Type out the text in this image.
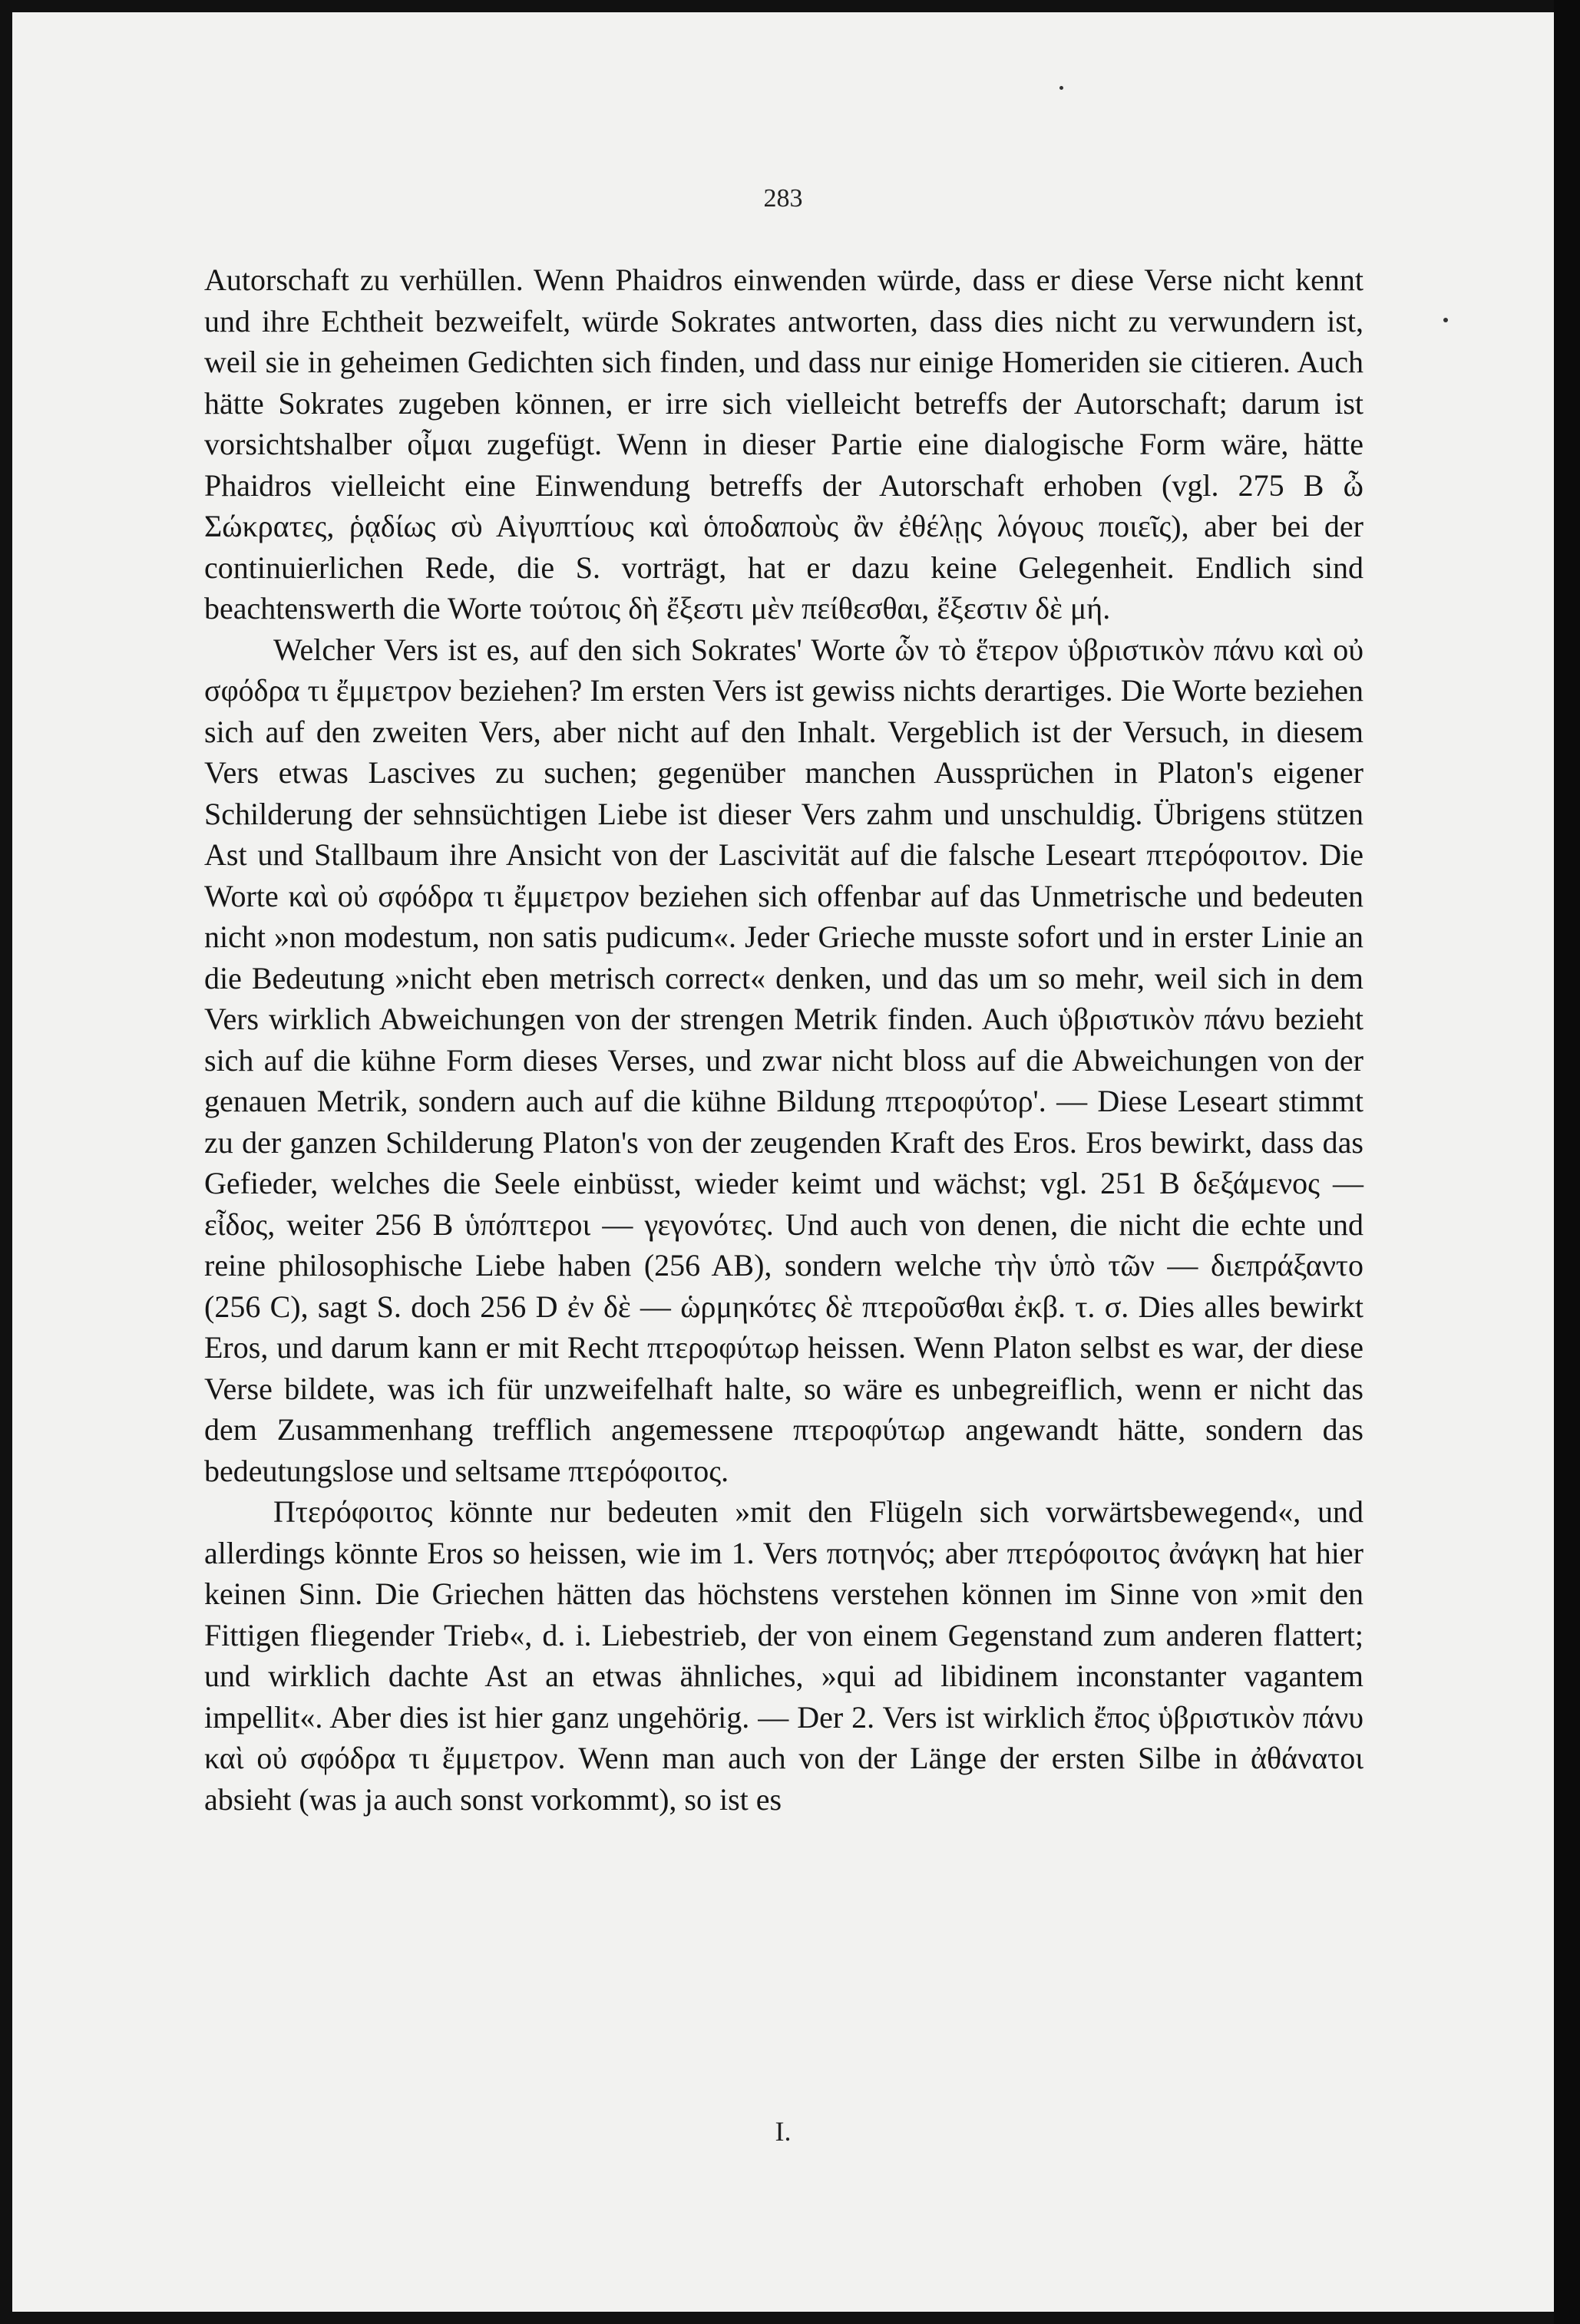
283

Autorschaft zu verhüllen. Wenn Phaidros einwenden würde, dass er diese Verse nicht kennt und ihre Echtheit bezweifelt, würde Sokrates antworten, dass dies nicht zu verwundern ist, weil sie in geheimen Gedichten sich finden, und dass nur einige Homeriden sie citieren. Auch hätte Sokrates zugeben können, er irre sich vielleicht betreffs der Autorschaft; darum ist vorsichtshalber οἶμαι zugefügt. Wenn in dieser Partie eine dialogische Form wäre, hätte Phaidros vielleicht eine Einwendung betreffs der Autorschaft erhoben (vgl. 275 B ὦ Σώκρατες, ῥᾳδίως σὺ Αἰγυπτίους καὶ ὁποδαποὺς ἂν ἐθέλῃς λόγους ποιεῖς), aber bei der continuierlichen Rede, die S. vorträgt, hat er dazu keine Gelegenheit. Endlich sind beachtenswerth die Worte τούτοις δὴ ἔξεστι μὲν πείθεσθαι, ἔξεστιν δὲ μή.

Welcher Vers ist es, auf den sich Sokrates' Worte ὧν τὸ ἕτερον ὑβριστικὸν πάνυ καὶ οὐ σφόδρα τι ἔμμετρον beziehen? Im ersten Vers ist gewiss nichts derartiges. Die Worte beziehen sich auf den zweiten Vers, aber nicht auf den Inhalt. Vergeblich ist der Versuch, in diesem Vers etwas Lascives zu suchen; gegenüber manchen Aussprüchen in Platon's eigener Schilderung der sehnsüchtigen Liebe ist dieser Vers zahm und unschuldig. Übrigens stützen Ast und Stallbaum ihre Ansicht von der Lascivität auf die falsche Leseart πτερόφοιτον. Die Worte καὶ οὐ σφόδρα τι ἔμμετρον beziehen sich offenbar auf das Unmetrische und bedeuten nicht »non modestum, non satis pudicum«. Jeder Grieche musste sofort und in erster Linie an die Bedeutung »nicht eben metrisch correct« denken, und das um so mehr, weil sich in dem Vers wirklich Abweichungen von der strengen Metrik finden. Auch ὑβριστικὸν πάνυ bezieht sich auf die kühne Form dieses Verses, und zwar nicht bloss auf die Abweichungen von der genauen Metrik, sondern auch auf die kühne Bildung πτεροφύτορ'. — Diese Leseart stimmt zu der ganzen Schilderung Platon's von der zeugenden Kraft des Eros. Eros bewirkt, dass das Gefieder, welches die Seele einbüsst, wieder keimt und wächst; vgl. 251 B δεξάμενος — εἶδος, weiter 256 B ὑπόπτεροι — γεγονότες. Und auch von denen, die nicht die echte und reine philosophische Liebe haben (256 AB), sondern welche τὴν ὑπὸ τῶν — διεπράξαντο (256 C), sagt S. doch 256 D ἐν δὲ — ὡρμηκότες δὲ πτεροῦσθαι ἐκβ. τ. σ. Dies alles bewirkt Eros, und darum kann er mit Recht πτεροφύτωρ heissen. Wenn Platon selbst es war, der diese Verse bildete, was ich für unzweifelhaft halte, so wäre es unbegreiflich, wenn er nicht das dem Zusammenhang trefflich angemessene πτεροφύτωρ angewandt hätte, sondern das bedeutungslose und seltsame πτερόφοιτος.

Πτερόφοιτος könnte nur bedeuten »mit den Flügeln sich vorwärtsbewegend«, und allerdings könnte Eros so heissen, wie im 1. Vers ποτηνός; aber πτερόφοιτος ἀνάγκη hat hier keinen Sinn. Die Griechen hätten das höchstens verstehen können im Sinne von »mit den Fittigen fliegender Trieb«, d. i. Liebestrieb, der von einem Gegenstand zum anderen flattert; und wirklich dachte Ast an etwas ähnliches, »qui ad libidinem inconstanter vagantem impellit«. Aber dies ist hier ganz ungehörig. — Der 2. Vers ist wirklich ἔπος ὑβριστικὸν πάνυ καὶ οὐ σφόδρα τι ἔμμετρον. Wenn man auch von der Länge der ersten Silbe in ἀθάνατοι absieht (was ja auch sonst vorkommt), so ist es

I.
